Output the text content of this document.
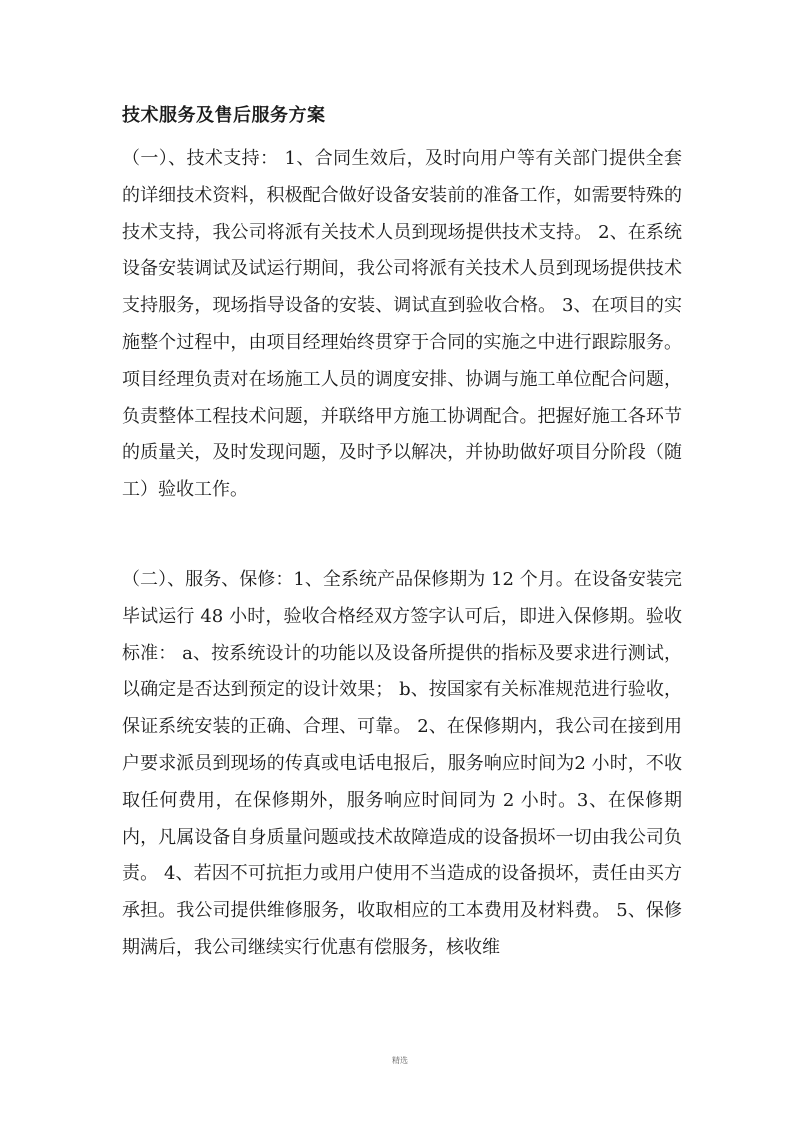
技术服务及售后服务方案

（一）、技术支持： 1、合同生效后，及时向用户等有关部门提供全套的详细技术资料，积极配合做好设备安装前的准备工作，如需要特殊的技术支持，我公司将派有关技术人员到现场提供技术支持。 2、在系统设备安装调试及试运行期间，我公司将派有关技术人员到现场提供技术支持服务，现场指导设备的安装、调试直到验收合格。 3、在项目的实施整个过程中，由项目经理始终贯穿于合同的实施之中进行跟踪服务。项目经理负责对在场施工人员的调度安排、协调与施工单位配合问题，负责整体工程技术问题，并联络甲方施工协调配合。把握好施工各环节的质量关，及时发现问题，及时予以解决，并协助做好项目分阶段（随工）验收工作。

（二）、服务、保修：1、全系统产品保修期为 12 个月。在设备安装完毕试运行 48 小时，验收合格经双方签字认可后，即进入保修期。验收标准： a、按系统设计的功能以及设备所提供的指标及要求进行测试，以确定是否达到预定的设计效果； b、按国家有关标准规范进行验收，保证系统安装的正确、合理、可靠。 2、在保修期内，我公司在接到用户要求派员到现场的传真或电话电报后，服务响应时间为2 小时，不收取任何费用，在保修期外，服务响应时间同为 2 小时。3、在保修期内，凡属设备自身质量问题或技术故障造成的设备损坏一切由我公司负责。 4、若因不可抗拒力或用户使用不当造成的设备损坏，责任由买方承担。我公司提供维修服务，收取相应的工本费用及材料费。 5、保修期满后，我公司继续实行优惠有偿服务，核收维

精选
